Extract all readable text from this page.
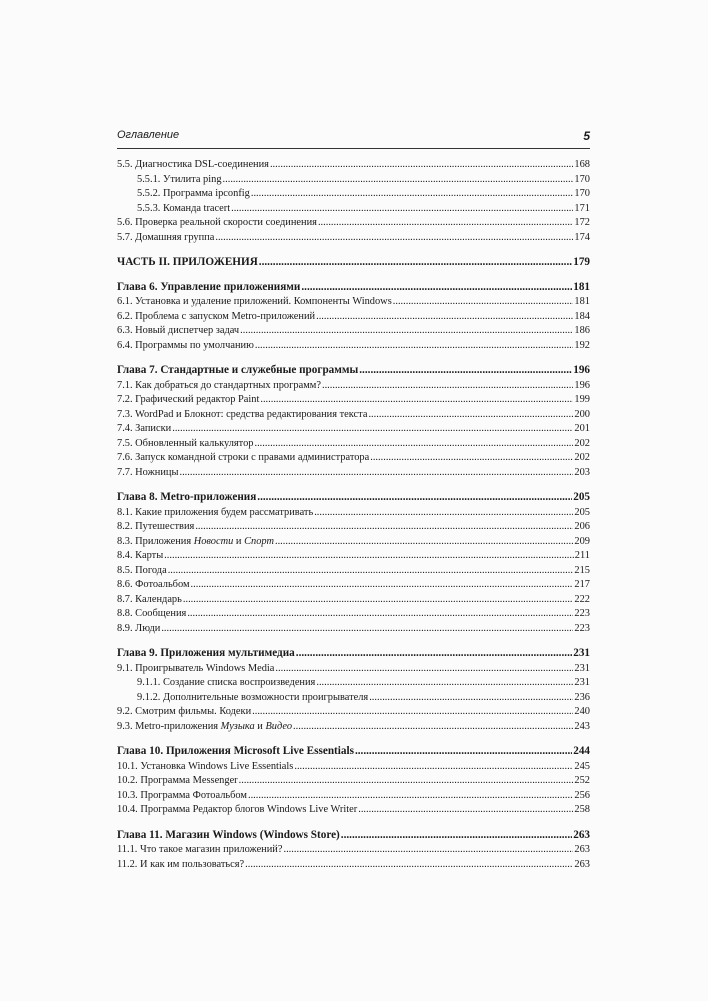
Оглавление	5
5.5. Диагностика DSL-соединения .....	168
5.5.1. Утилита ping .....	170
5.5.2. Программа ipconfig .....	170
5.5.3. Команда tracert .....	171
5.6. Проверка реальной скорости соединения .....	172
5.7. Домашняя группа .....	174
ЧАСТЬ II. ПРИЛОЖЕНИЯ .....	179
Глава 6. Управление приложениями .....	181
6.1. Установка и удаление приложений. Компоненты Windows .....	181
6.2. Проблема с запуском Metro-приложений .....	184
6.3. Новый диспетчер задач .....	186
6.4. Программы по умолчанию .....	192
Глава 7. Стандартные и служебные программы .....	196
7.1. Как добраться до стандартных программ? .....	196
7.2. Графический редактор Paint .....	199
7.3. WordPad и Блокнот: средства редактирования текста .....	200
7.4. Записки .....	201
7.5. Обновленный калькулятор .....	202
7.6. Запуск командной строки с правами администратора .....	202
7.7. Ножницы .....	203
Глава 8. Metro-приложения .....	205
8.1. Какие приложения будем рассматривать .....	205
8.2. Путешествия .....	206
8.3. Приложения Новости и Спорт .....	209
8.4. Карты .....	211
8.5. Погода .....	215
8.6. Фотоальбом .....	217
8.7. Календарь .....	222
8.8. Сообщения .....	223
8.9. Люди .....	223
Глава 9. Приложения мультимедиа .....	231
9.1. Проигрыватель Windows Media .....	231
9.1.1. Создание списка воспроизведения .....	231
9.1.2. Дополнительные возможности проигрывателя .....	236
9.2. Смотрим фильмы. Кодеки .....	240
9.3. Metro-приложения Музыка и Видео .....	243
Глава 10. Приложения Microsoft Live Essentials .....	244
10.1. Установка Windows Live Essentials .....	245
10.2. Программа Messenger .....	252
10.3. Программа Фотоальбом .....	256
10.4. Программа Редактор блогов Windows Live Writer .....	258
Глава 11. Магазин Windows (Windows Store) .....	263
11.1. Что такое магазин приложений? .....	263
11.2. И как им пользоваться? .....	263
